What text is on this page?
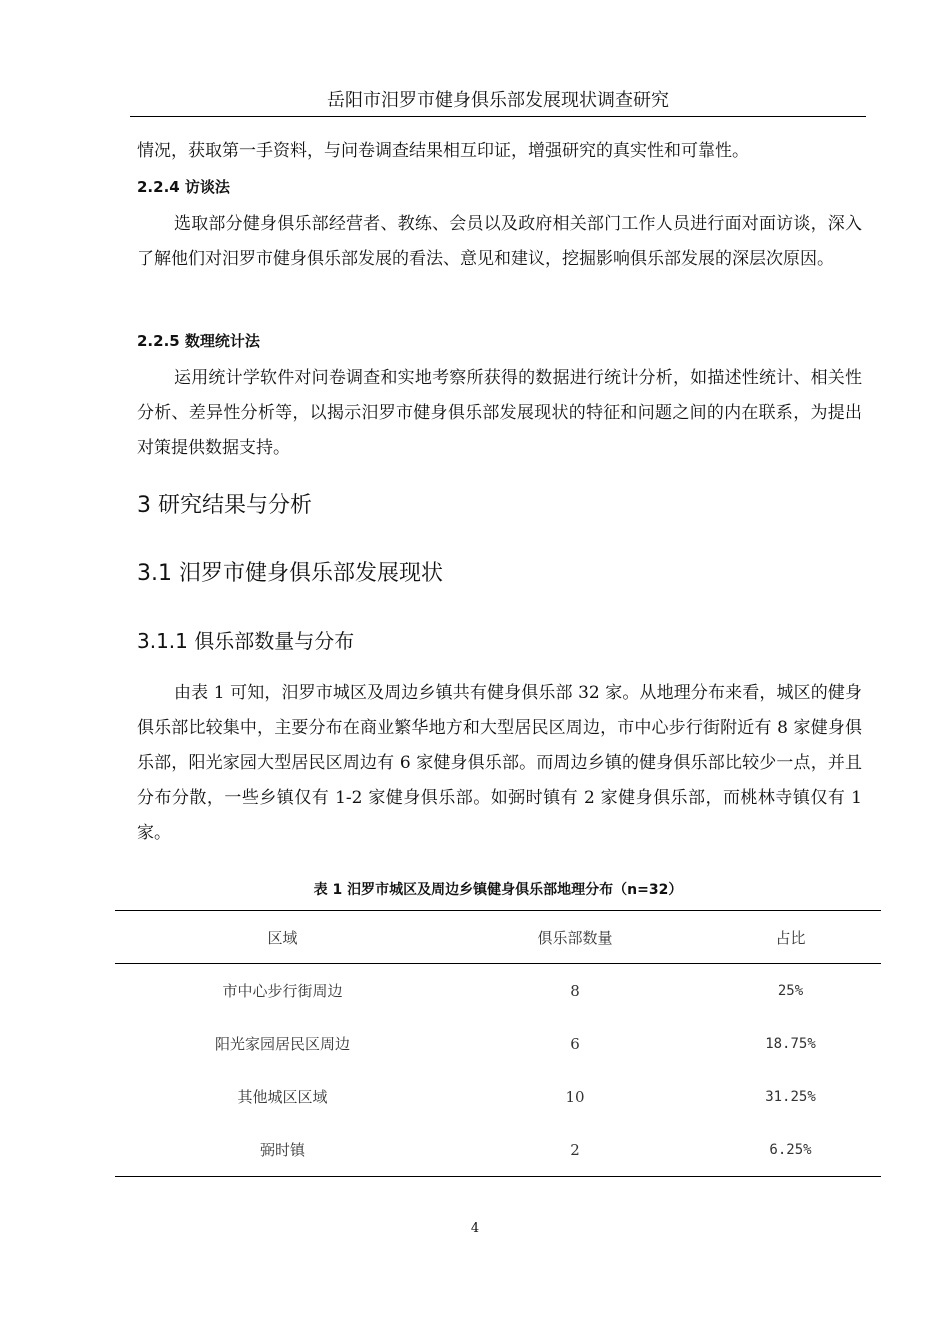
岳阳市汨罗市健身俱乐部发展现状调查研究

情况，获取第一手资料，与问卷调查结果相互印证，增强研究的真实性和可靠性。

2.2.4 访谈法

选取部分健身俱乐部经营者、教练、会员以及政府相关部门工作人员进行面对面访谈，深入了解他们对汨罗市健身俱乐部发展的看法、意见和建议，挖掘影响俱乐部发展的深层次原因。

2.2.5 数理统计法

运用统计学软件对问卷调查和实地考察所获得的数据进行统计分析，如描述性统计、相关性分析、差异性分析等，以揭示汨罗市健身俱乐部发展现状的特征和问题之间的内在联系，为提出对策提供数据支持。

3 研究结果与分析
3.1 汨罗市健身俱乐部发展现状
3.1.1 俱乐部数量与分布

由表 1 可知，汨罗市城区及周边乡镇共有健身俱乐部 32 家。从地理分布来看，城区的健身俱乐部比较集中，主要分布在商业繁华地方和大型居民区周边，市中心步行街附近有 8 家健身俱乐部，阳光家园大型居民区周边有 6 家健身俱乐部。而周边乡镇的健身俱乐部比较少一点，并且分布分散，一些乡镇仅有 1-2 家健身俱乐部。如弼时镇有 2 家健身俱乐部，而桃林寺镇仅有 1 家。

表 1 汨罗市城区及周边乡镇健身俱乐部地理分布（n=32）
区域	俱乐部数量	占比
市中心步行街周边	8	25%
阳光家园居民区周边	6	18.75%
其他城区区域	10	31.25%
弼时镇	2	6.25%
4
